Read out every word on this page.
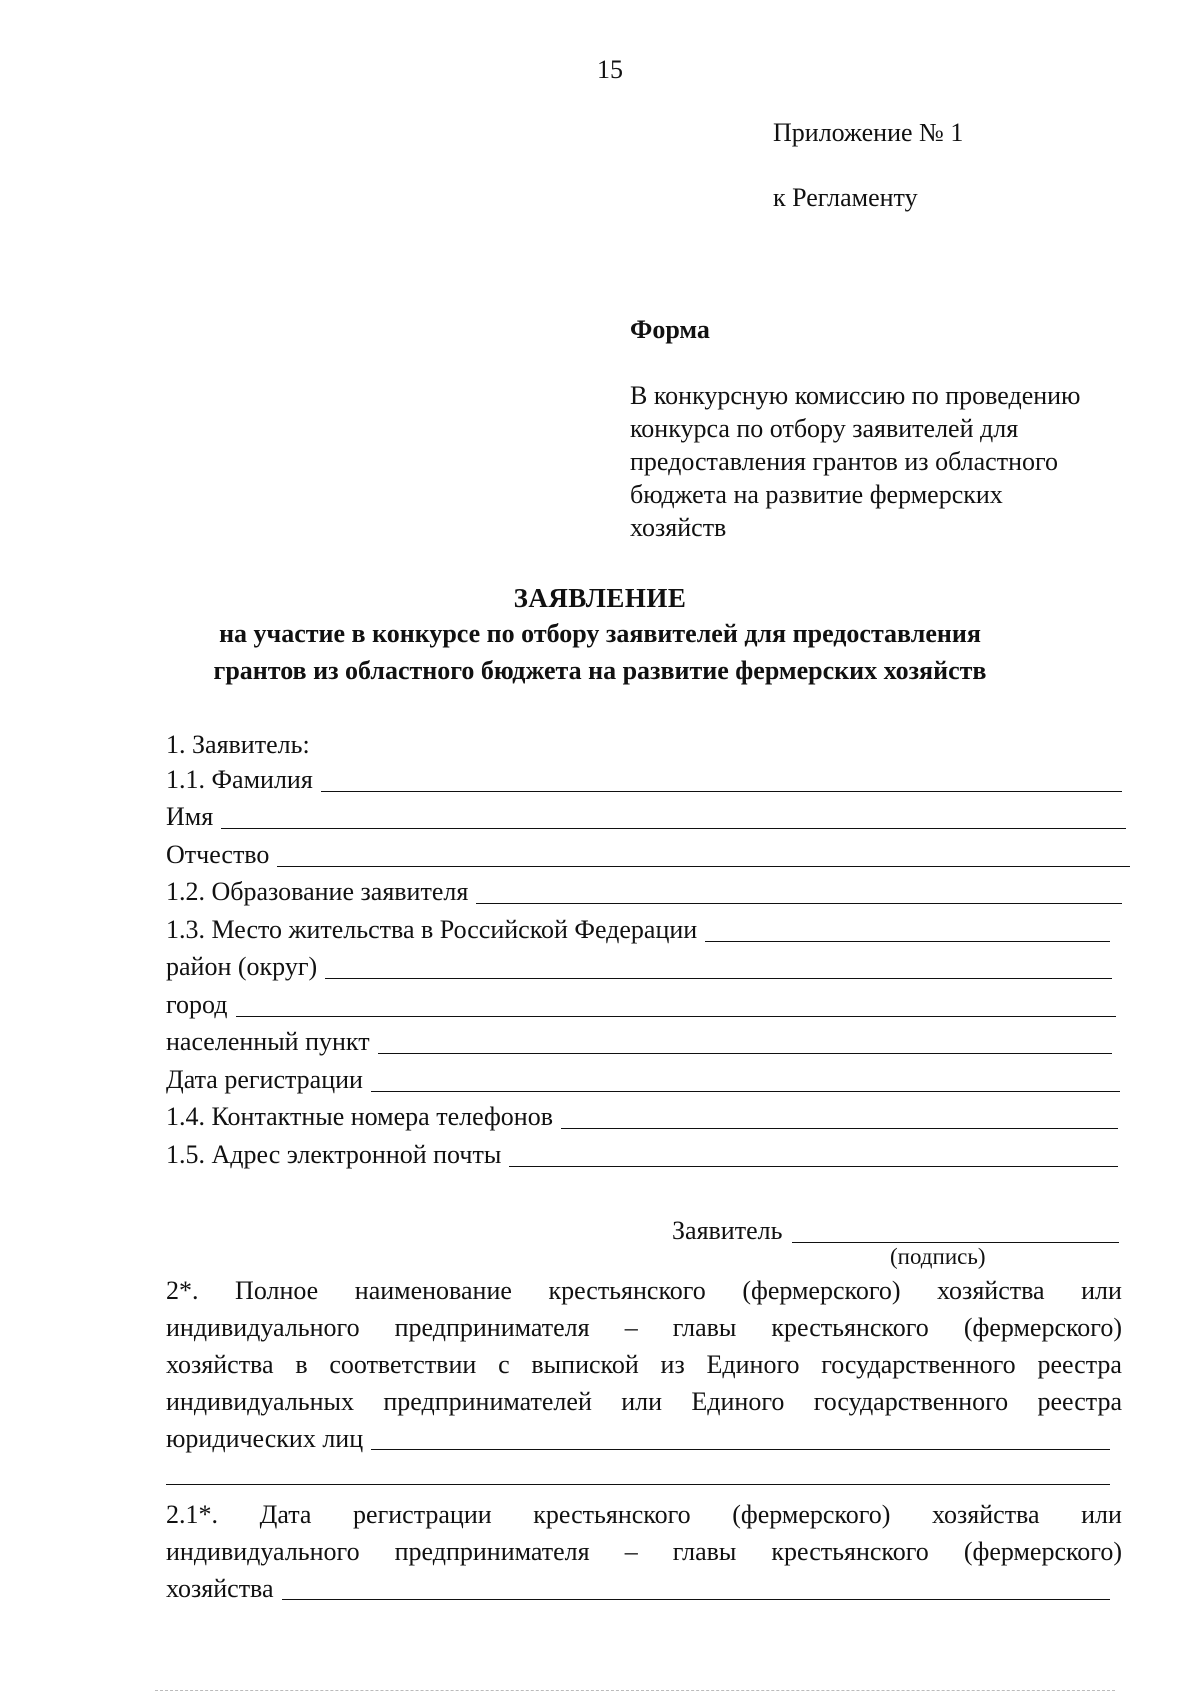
15
Приложение № 1
к Регламенту
Форма
В конкурсную комиссию по проведению
конкурса по отбору заявителей для
предоставления грантов из областного
бюджета на развитие фермерских
хозяйств
ЗАЯВЛЕНИЕ
на участие в конкурсе по отбору заявителей для предоставления
грантов из областного бюджета на развитие фермерских хозяйств
1. Заявитель:
1.1. Фамилия
Имя
Отчество
1.2. Образование заявителя
1.3. Место жительства в Российской Федерации
район (округ)
город
населенный пункт
Дата регистрации
1.4. Контактные номера телефонов
1.5. Адрес электронной почты
Заявитель
(подпись)
2*. Полное наименование крестьянского (фермерского) хозяйства или
индивидуального предпринимателя – главы крестьянского (фермерского)
хозяйства в соответствии с выпиской из Единого государственного реестра
индивидуальных предпринимателей или Единого государственного реестра
юридических лиц
2.1*. Дата регистрации крестьянского (фермерского) хозяйства или
индивидуального предпринимателя – главы крестьянского (фермерского)
хозяйства
